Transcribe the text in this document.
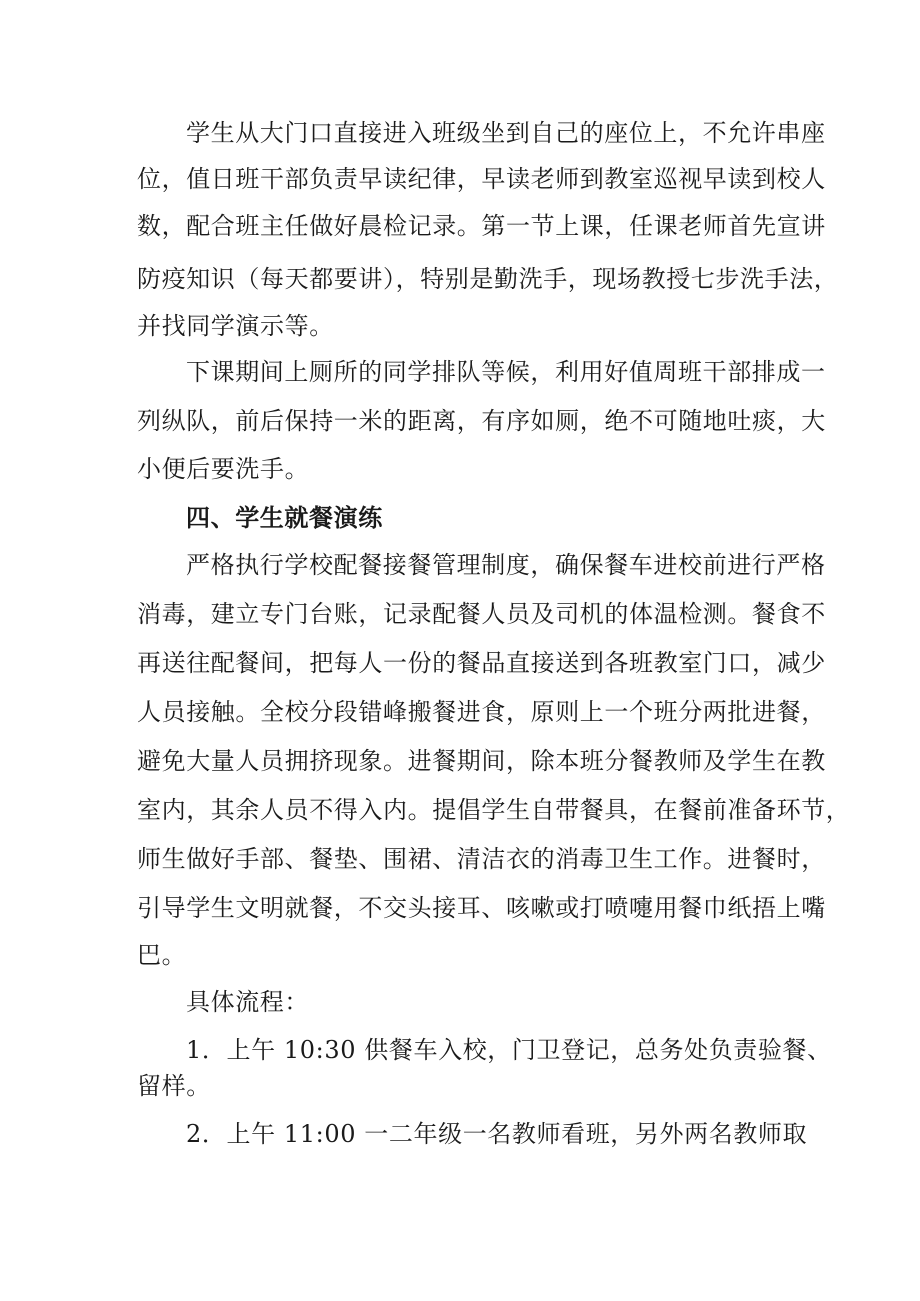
学生从大门口直接进入班级坐到自己的座位上，不允许串座
位，值日班干部负责早读纪律，早读老师到教室巡视早读到校人
数，配合班主任做好晨检记录。第一节上课，任课老师首先宣讲
防疫知识（每天都要讲），特别是勤洗手，现场教授七步洗手法，
并找同学演示等。
下课期间上厕所的同学排队等候，利用好值周班干部排成一
列纵队，前后保持一米的距离，有序如厕，绝不可随地吐痰，大
小便后要洗手。
四、学生就餐演练
严格执行学校配餐接餐管理制度，确保餐车进校前进行严格
消毒，建立专门台账，记录配餐人员及司机的体温检测。餐食不
再送往配餐间，把每人一份的餐品直接送到各班教室门口，减少
人员接触。全校分段错峰搬餐进食，原则上一个班分两批进餐，
避免大量人员拥挤现象。进餐期间，除本班分餐教师及学生在教
室内，其余人员不得入内。提倡学生自带餐具，在餐前准备环节，
师生做好手部、餐垫、围裙、清洁衣的消毒卫生工作。进餐时，
引导学生文明就餐，不交头接耳、咳嗽或打喷嚏用餐巾纸捂上嘴
巴。
具体流程：
1．上午 10:30 供餐车入校，门卫登记，总务处负责验餐、
留样。
2．上午 11:00 一二年级一名教师看班，另外两名教师取
